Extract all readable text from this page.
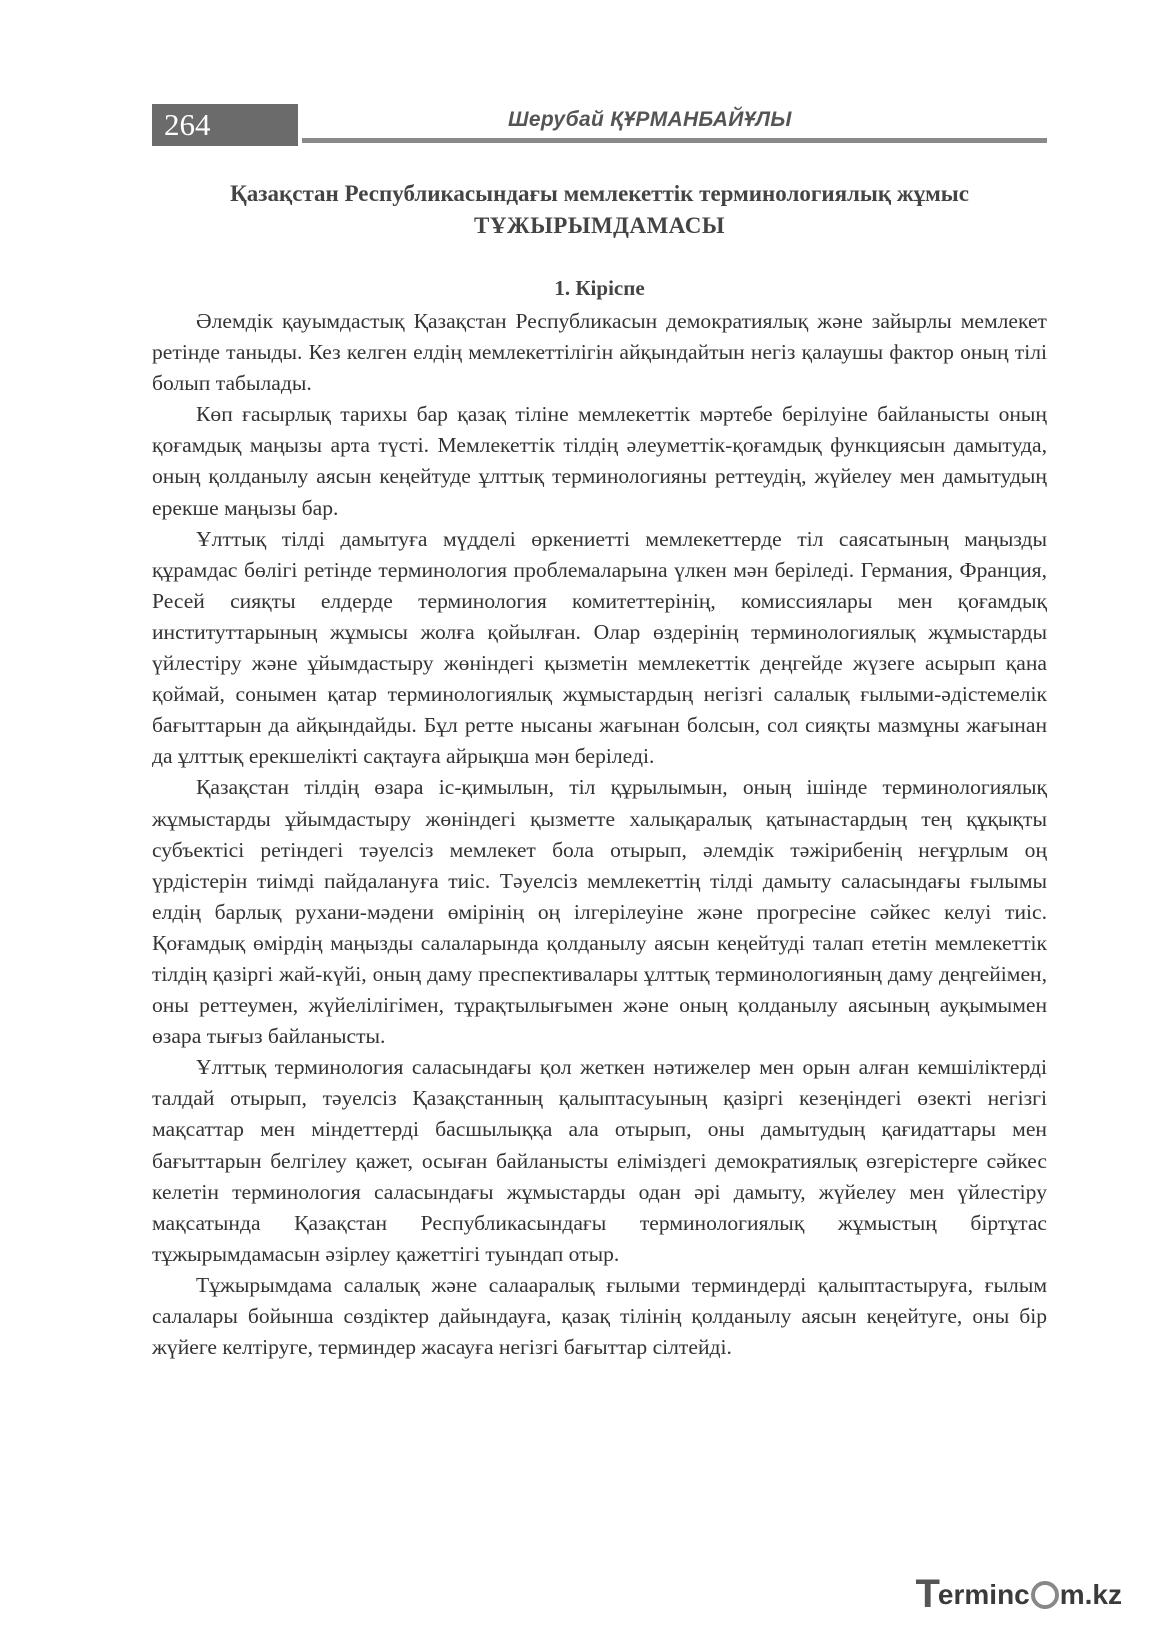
264	Шерубай ҚҰРМАНБАЙҰЛЫ
Қазақстан Республикасындағы мемлекеттік терминологиялық жұмыс
ТҰЖЫРЫМДАМАСЫ
1. Кіріспе

Әлемдік қауымдастық Қазақстан Республикасын демократиялық және зайырлы мемлекет ретінде таныды. Кез келген елдің мемлекеттілігін айқындайтын негіз қалаушы фактор оның тілі болып табылады.

Көп ғасырлық тарихы бар қазақ тіліне мемлекеттік мәртебе берілуіне байланысты оның қоғамдық маңызы арта түсті. Мемлекеттік тілдің әлеуметтік-қоғамдық функциясын дамытуда, оның қолданылу аясын кеңейтуде ұлттық терминологияны реттеудің, жүйелеу мен дамытудың ерекше маңызы бар.

Ұлттық тілді дамытуға мүдделі өркениетті мемлекеттерде тіл саясатының маңызды құрамдас бөлігі ретінде терминология проблемаларына үлкен мән беріледі. Германия, Франция, Ресей сияқты елдерде терминология комитеттерінің, комиссиялары мен қоғамдық институттарының жұмысы жолға қойылған. Олар өздерінің терминологиялық жұмыстарды үйлестіру және ұйымдастыру жөніндегі қызметін мемлекеттік деңгейде жүзеге асырып қана қоймай, сонымен қатар терминологиялық жұмыстардың негізгі салалық ғылыми-әдістемелік бағыттарын да айқындайды. Бұл ретте нысаны жағынан болсын, сол сияқты мазмұны жағынан да ұлттық ерекшелікті сақтауға айрықша мән беріледі.

Қазақстан тілдің өзара іс-қимылын, тіл құрылымын, оның ішінде терминологиялық жұмыстарды ұйымдастыру жөніндегі қызметте халықаралық қатынастардың тең құқықты субъектісі ретіндегі тәуелсіз мемлекет бола отырып, әлемдік тәжірибенің неғұрлым оң үрдістерін тиімді пайдалануға тиіс. Тәуелсіз мемлекеттің тілді дамыту саласындағы ғылымы елдің барлық рухани-мәдени өмірінің оң ілгерілеуіне және прогресіне сәйкес келуі тиіс. Қоғамдық өмірдің маңызды салаларында қолданылу аясын кеңейтуді талап ететін мемлекеттік тілдің қазіргі жай-күйі, оның даму преспективалары ұлттық терминологияның даму деңгейімен, оны реттеумен, жүйелілігімен, тұрақтылығымен және оның қолданылу аясының ауқымымен өзара тығыз байланысты.

Ұлттық терминология саласындағы қол жеткен нәтижелер мен орын алған кемшіліктерді талдай отырып, тәуелсіз Қазақстанның қалыптасуының қазіргі кезеңіндегі өзекті негізгі мақсаттар мен міндеттерді басшылыққа ала отырып, оны дамытудың қағидаттары мен бағыттарын белгілеу қажет, осыған байланысты еліміздегі демократиялық өзгерістерге сәйкес келетін терминология саласындағы жұмыстарды одан әрі дамыту, жүйелеу мен үйлестіру мақсатында Қазақстан Республикасындағы терминологиялық жұмыстың біртұтас тұжырымдамасын әзірлеу қажеттігі туындап отыр.

Тұжырымдама салалық және салааралық ғылыми терминдерді қалыптастыруға, ғылым салалары бойынша сөздіктер дайындауға, қазақ тілінің қолданылу аясын кеңейтуге, оны бір жүйеге келтіруге, терминдер жасауға негізгі бағыттар сілтейді.

T
erminc m.kz
